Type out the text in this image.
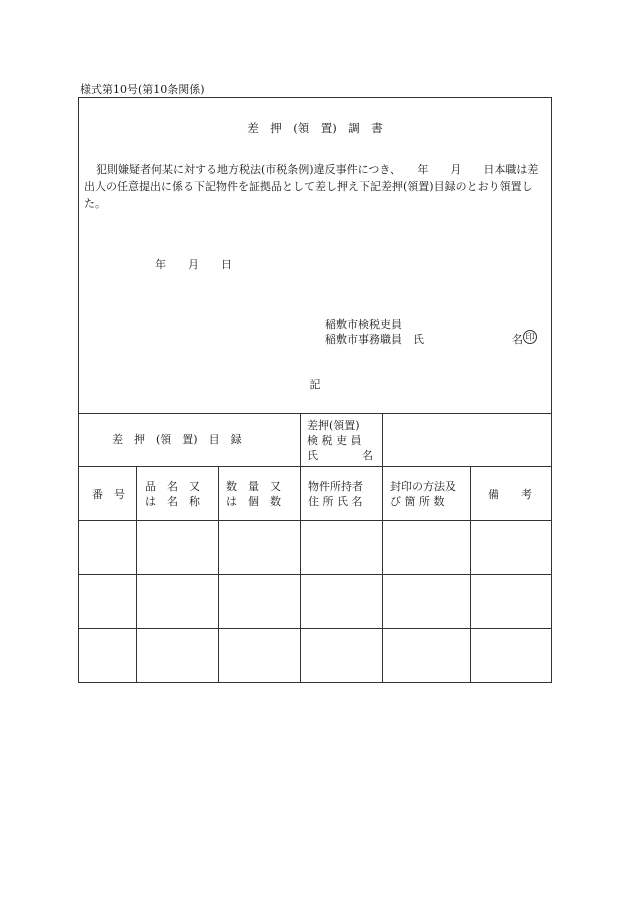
様式第10号(第10条関係)
差　押　(領　置)　調　書
犯則嫌疑者何某に対する地方税法(市税条例)違反事件につき、　　年　　月　　日本職は差出人の任意提出に係る下記物件を証拠品として差し押え下記差押(領置)目録のとおり領置した。
年　　月　　日
稲敷市検税吏員
稲敷市事務職員　氏　　　　　　　　名 印
記
差　押　(領　置)　目　録
差押(領置)
検 税 吏 員
氏　　　　名
番　号
品　名　又
は　名　称
数　量　又
は　個　数
物件所持者
住 所 氏 名
封印の方法及
び 箇 所 数
備　　考
